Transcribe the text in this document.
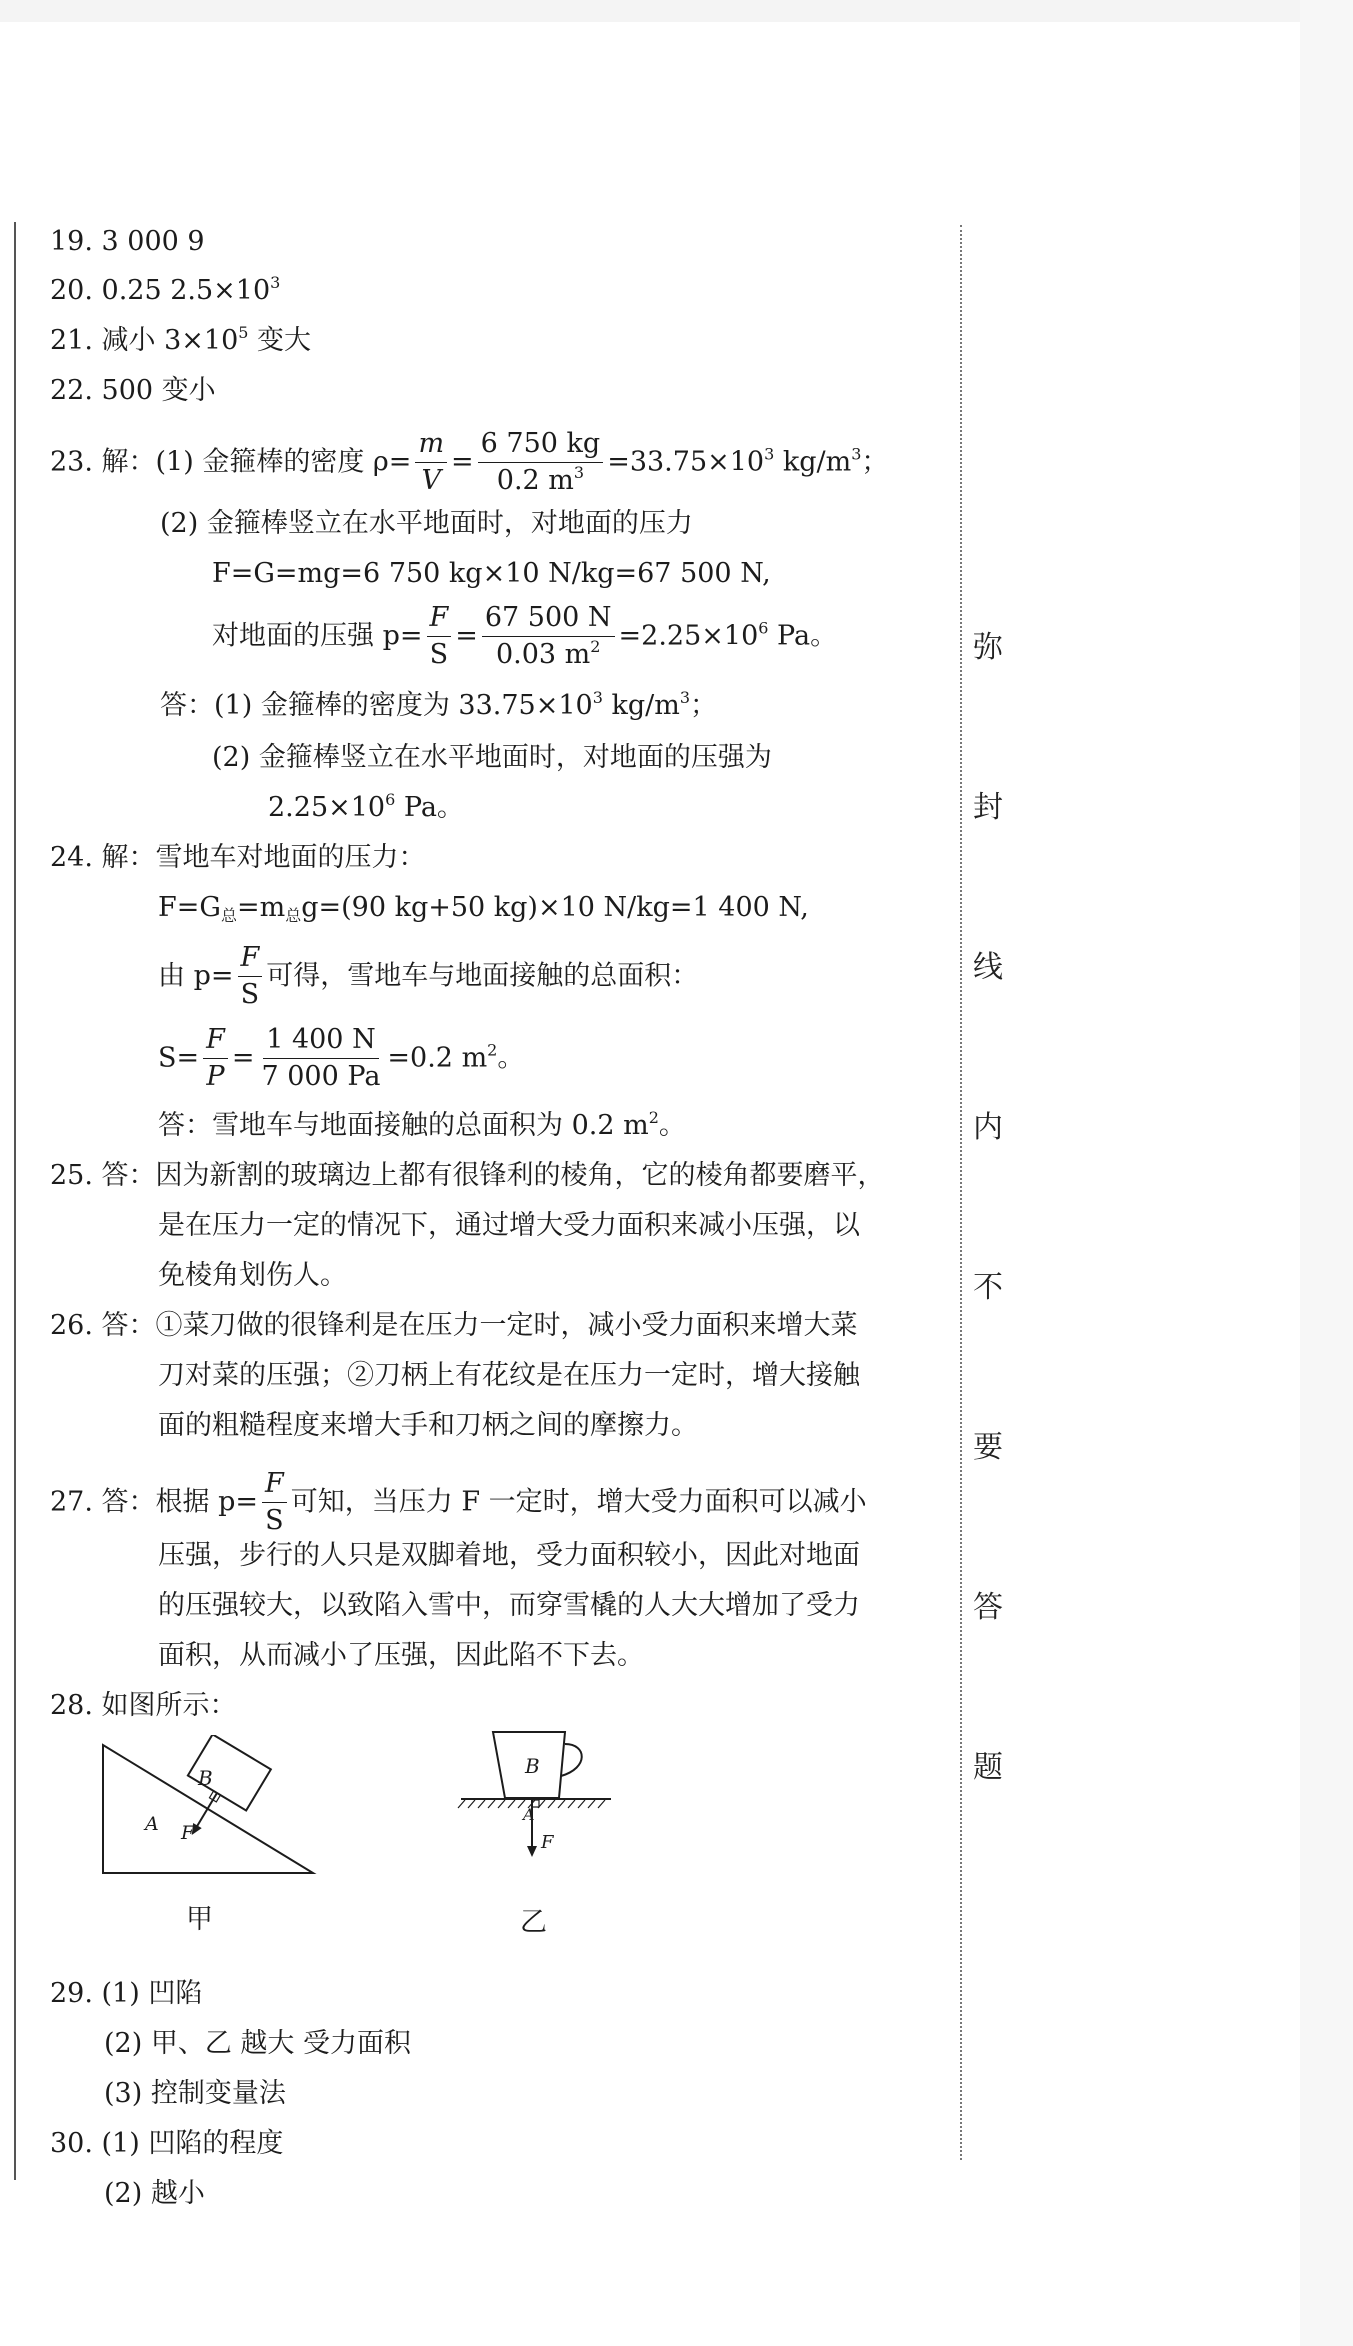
弥
封
线
内
不
要
答
题
19. 3 000 9
20. 0.25 $2.5\times 10^3$
21. 减小 $3\times 10^5$ 变大
22. 500 变小
23. 解：(1) 金箍棒的密度 $\rho= \frac{m}{V} = \frac{6 750 kg}{0.2 m^3} =33.75\times 10^3$ $kg/m^3$；
(2) 金箍棒竖立在水平地面时，对地面的压力
F=G=mg=6 750 kg×10 N/kg=67 500 N,
对地面的压强 $p= \frac{F}{S} = \frac{67 500 N}{0.03 m^2} =2.25\times 10^6$ Pa。
答：(1) 金箍棒的密度为 $33.75\times 10^3$ $kg/m^3$；
(2) 金箍棒竖立在水平地面时，对地面的压强为
$2.25\times 10^6$ Pa。
24. 解：雪地车对地面的压力：
$F=G_总=m_总g=(90$ kg+50 kg)×10 N/kg=1 400 N,
由 $p= \frac{F}{S}$ 可得，雪地车与地面接触的总面积：
$S= \frac{F}{P} = \frac{1 400 N}{7 000 Pa} =0.2$ $m^2$。
答：雪地车与地面接触的总面积为 0.2 $m^2$。
25. 答：因为新割的玻璃边上都有很锋利的棱角，它的棱角都要磨平，
是在压力一定的情况下，通过增大受力面积来减小压强，以
免棱角划伤人。
26. 答：①菜刀做的很锋利是在压力一定时，减小受力面积来增大菜
刀对菜的压强；②刀柄上有花纹是在压力一定时，增大接触
面的粗糙程度来增大手和刀柄之间的摩擦力。
27. 答：根据 $p= \frac{F}{S}$ 可知，当压力 F 一定时，增大受力面积可以减小
压强，步行的人只是双脚着地，受力面积较小，因此对地面
的压强较大，以致陷入雪中，而穿雪橇的人大大增加了受力
面积，从而减小了压强，因此陷不下去。
28. 如图所示：
B
A F
甲
B
A
F
乙
29. (1) 凹陷
(2) 甲、乙 越大 受力面积
(3) 控制变量法
30. (1) 凹陷的程度
(2) 越小
